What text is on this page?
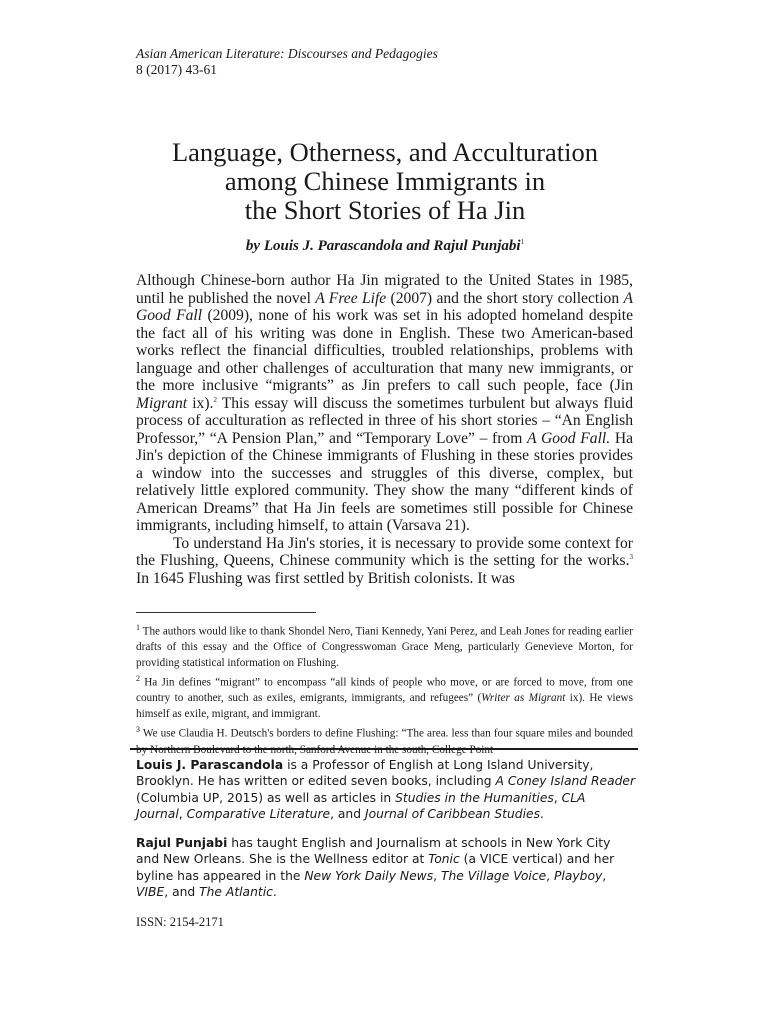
Asian American Literature: Discourses and Pedagogies
8 (2017) 43-61
Language, Otherness, and Acculturation
among Chinese Immigrants in
the Short Stories of Ha Jin
by Louis J. Parascandola and Rajul Punjabi$^1$

Although Chinese-born author Ha Jin migrated to the United States in 1985, until he published the novel A Free Life (2007) and the short story collection A Good Fall (2009), none of his work was set in his adopted homeland despite the fact all of his writing was done in English. These two American-based works reflect the financial difficulties, troubled relationships, problems with language and other challenges of acculturation that many new immigrants, or the more inclusive “migrants” as Jin prefers to call such people, face (Jin Migrant ix).$^2$ This essay will discuss the sometimes turbulent but always fluid process of acculturation as reflected in three of his short stories – “An English Professor,” “A Pension Plan,” and “Temporary Love” – from A Good Fall. Ha Jin's depiction of the Chinese immigrants of Flushing in these stories provides a window into the successes and struggles of this diverse, complex, but relatively little explored community. They show the many “different kinds of American Dreams” that Ha Jin feels are sometimes still possible for Chinese immigrants, including himself, to attain (Varsava 21).

To understand Ha Jin's stories, it is necessary to provide some context for the Flushing, Queens, Chinese community which is the setting for the works.$^3$ In 1645 Flushing was first settled by British colonists. It was

$^1$ The authors would like to thank Shondel Nero, Tiani Kennedy, Yani Perez, and Leah Jones for reading earlier drafts of this essay and the Office of Congresswoman Grace Meng, particularly Genevieve Morton, for providing statistical information on Flushing.

$^2$ Ha Jin defines “migrant” to encompass “all kinds of people who move, or are forced to move, from one country to another, such as exiles, emigrants, immigrants, and refugees” (Writer as Migrant ix). He views himself as exile, migrant, and immigrant.

$^3$ We use Claudia H. Deutsch's borders to define Flushing: “The area. less than four square miles and bounded by Northern Boulevard to the north, Sanford Avenue in the south, College Point

Louis J. Parascandola is a Professor of English at Long Island University, Brooklyn. He has written or edited seven books, including A Coney Island Reader (Columbia UP, 2015) as well as articles in Studies in the Humanities, CLA Journal, Comparative Literature, and Journal of Caribbean Studies.

Rajul Punjabi has taught English and Journalism at schools in New York City and New Orleans. She is the Wellness editor at Tonic (a VICE vertical) and her byline has appeared in the New York Daily News, The Village Voice, Playboy, VIBE, and The Atlantic.

ISSN: 2154-2171
